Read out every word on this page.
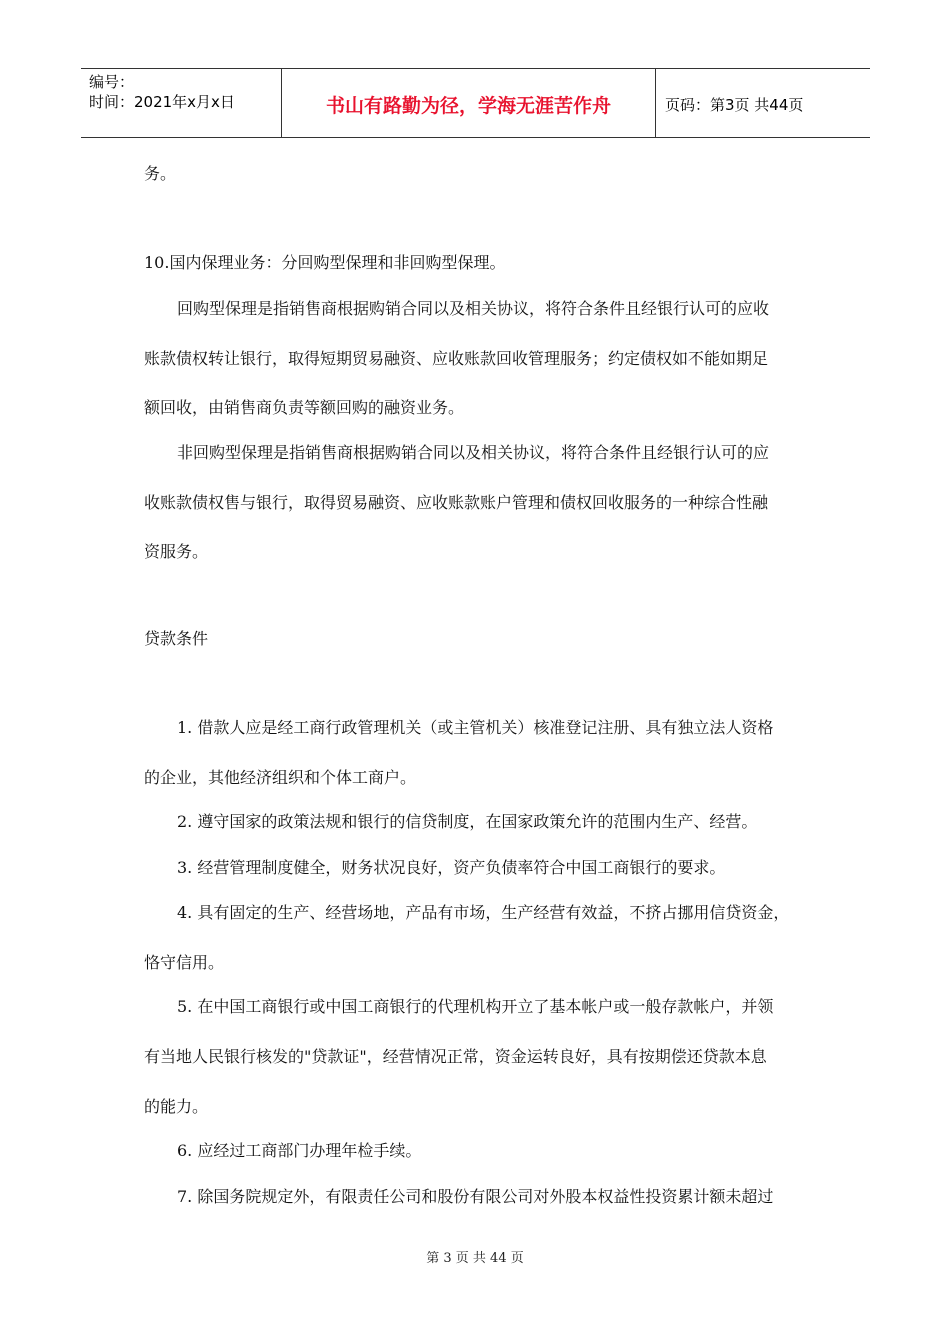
编号：
时间：2021年x月x日	书山有路勤为径，学海无涯苦作舟	页码：第3页 共44页
务。
10.国内保理业务：分回购型保理和非回购型保理。
回购型保理是指销售商根据购销合同以及相关协议，将符合条件且经银行认可的应收
账款债权转让银行，取得短期贸易融资、应收账款回收管理服务；约定债权如不能如期足
额回收，由销售商负责等额回购的融资业务。
非回购型保理是指销售商根据购销合同以及相关协议，将符合条件且经银行认可的应
收账款债权售与银行，取得贸易融资、应收账款账户管理和债权回收服务的一种综合性融
资服务。
贷款条件
1. 借款人应是经工商行政管理机关（或主管机关）核准登记注册、具有独立法人资格
的企业，其他经济组织和个体工商户。
2. 遵守国家的政策法规和银行的信贷制度，在国家政策允许的范围内生产、经营。
3. 经营管理制度健全，财务状况良好，资产负债率符合中国工商银行的要求。
4. 具有固定的生产、经营场地，产品有市场，生产经营有效益，不挤占挪用信贷资金，
恪守信用。
5. 在中国工商银行或中国工商银行的代理机构开立了基本帐户或一般存款帐户，并领
有当地人民银行核发的"贷款证"，经营情况正常，资金运转良好，具有按期偿还贷款本息
的能力。
6. 应经过工商部门办理年检手续。
7. 除国务院规定外，有限责任公司和股份有限公司对外股本权益性投资累计额未超过
第 3 页 共 44 页
